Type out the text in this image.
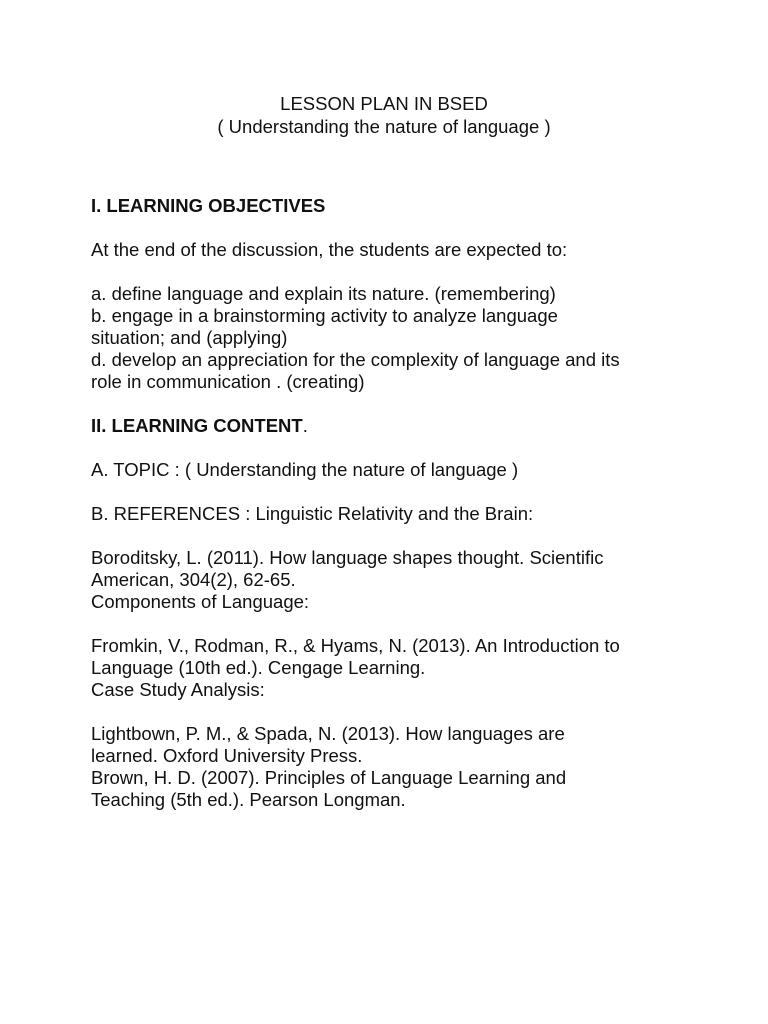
LESSON PLAN IN BSED
( Understanding the nature of language )

I. LEARNING OBJECTIVES

At the end of the discussion, the students are expected to:

a. define language and explain its nature. (remembering)
b. engage in a brainstorming activity to analyze language
situation; and (applying)
d. develop an appreciation for the complexity of language and its
role in communication . (creating)

II. LEARNING CONTENT.

A. TOPIC : ( Understanding the nature of language )

B. REFERENCES : Linguistic Relativity and the Brain:

Boroditsky, L. (2011). How language shapes thought. Scientific
American, 304(2), 62-65.
Components of Language:
Fromkin, V., Rodman, R., & Hyams, N. (2013). An Introduction to
Language (10th ed.). Cengage Learning.
Case Study Analysis:
Lightbown, P. M., & Spada, N. (2013). How languages are
learned. Oxford University Press.
Brown, H. D. (2007). Principles of Language Learning and
Teaching (5th ed.). Pearson Longman.
